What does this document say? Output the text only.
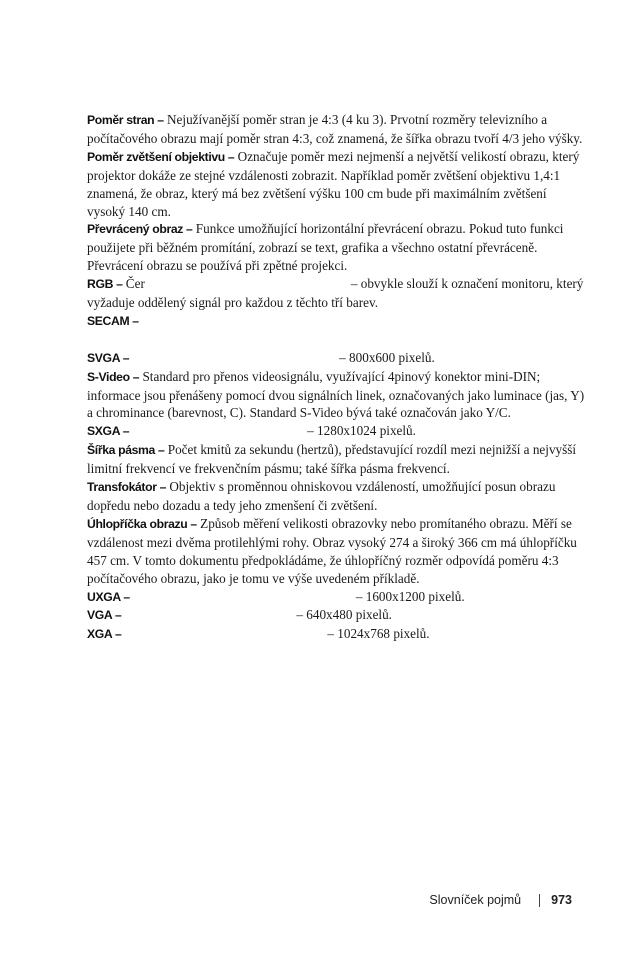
Poměr stran – Nejužívanější poměr stran je 4:3 (4 ku 3). Prvotní rozměry televizního a počítačového obrazu mají poměr stran 4:3, což znamená, že šířka obrazu tvoří 4/3 jeho výšky.
Poměr zvětšení objektivu – Označuje poměr mezi nejmenší a největší velikostí obrazu, který projektor dokáže ze stejné vzdálenosti zobrazit. Například poměr zvětšení objektivu 1,4:1 znamená, že obraz, který má bez zvětšení výšku 100 cm bude při maximálním zvětšení vysoký 140 cm.
Převrácený obraz – Funkce umožňující horizontální převrácení obrazu. Pokud tuto funkci použijete při běžném promítání, zobrazí se text, grafika a všechno ostatní převráceně. Převrácení obrazu se používá při zpětné projekci.
RGB – Čer	– obvykle slouží k označení monitoru, který vyžaduje oddělený signál pro každou z těchto tří barev.
SECAM –
SVGA –	– 800x600 pixelů.
S-Video – Standard pro přenos videosignálu, využívající 4pinový konektor mini-DIN; informace jsou přenášeny pomocí dvou signálních linek, označovaných jako luminace (jas, Y) a chrominance (barevnost, C). Standard S-Video bývá také označován jako Y/C.
SXGA –	– 1280x1024 pixelů.
Šířka pásma – Počet kmitů za sekundu (hertzů), představující rozdíl mezi nejnižší a nejvyšší limitní frekvencí ve frekvenčním pásmu; také šířka pásma frekvencí.
Transfokátor – Objektiv s proměnnou ohniskovou vzdáleností, umožňující posun obrazu dopředu nebo dozadu a tedy jeho zmenšení či zvětšení.
Úhlopříčka obrazu – Způsob měření velikosti obrazovky nebo promítaného obrazu. Měří se vzdálenost mezi dvěma protilehlými rohy. Obraz vysoký 274 a široký 366 cm má úhlopříčku 457 cm. V tomto dokumentu předpokládáme, že úhlopříčný rozměr odpovídá poměru 4:3 počítačového obrazu, jako je tomu ve výše uvedeném příkladě.
UXGA –	– 1600x1200 pixelů.
VGA –	– 640x480 pixelů.
XGA –	– 1024x768 pixelů.
Slovníček pojmů 973
